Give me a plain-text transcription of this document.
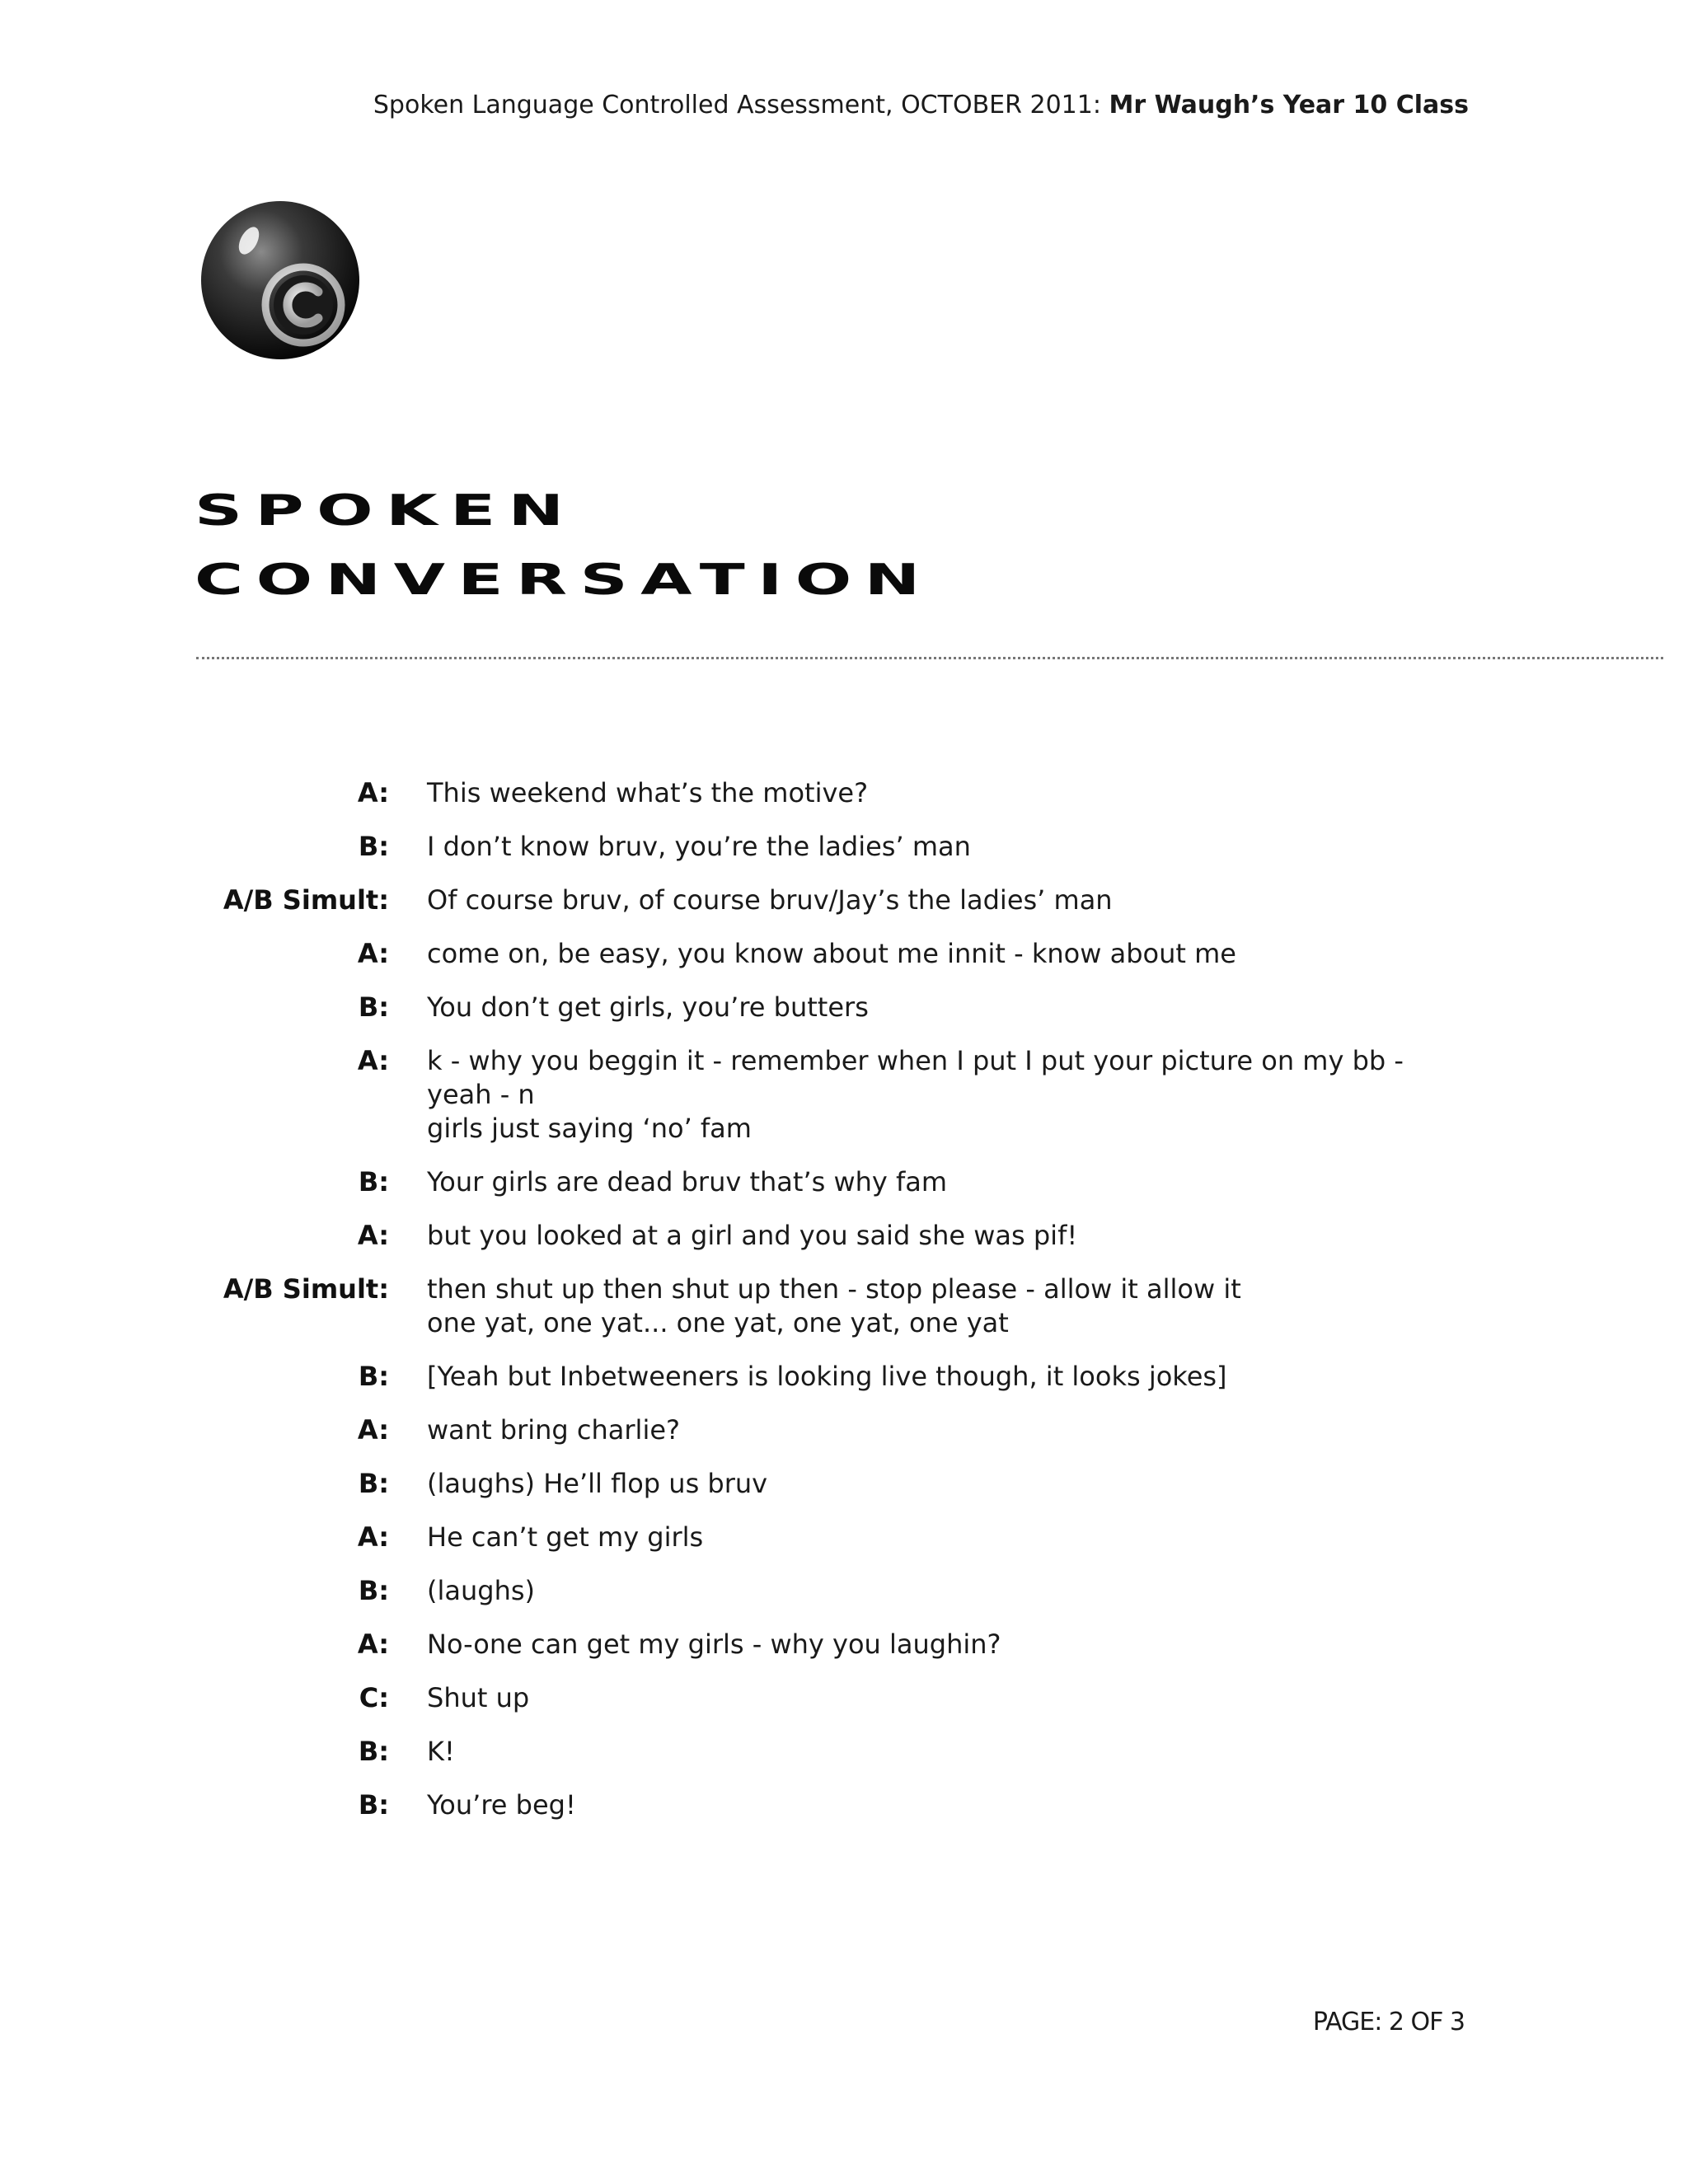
Spoken Language Controlled Assessment, OCTOBER 2011: Mr Waugh’s Year 10 Class
spoken
conversation
A: This weekend what’s the motive?
B: I don’t know bruv, you’re the ladies’ man
A/B Simult: Of course bruv, of course bruv/Jay’s the ladies’ man
A: come on, be easy, you know about me innit - know about me
B: You don’t get girls, you’re butters
A: k - why you beggin it - remember when I put I put your picture on my bb - yeah - n
girls just saying ‘no’ fam
B: Your girls are dead bruv that’s why fam
A: but you looked at a girl and you said she was pif!
A/B Simult: then shut up then shut up then - stop please - allow it allow it
one yat, one yat... one yat, one yat, one yat
B: [Yeah but Inbetweeners is looking live though, it looks jokes]
A: want bring charlie?
B: (laughs) He’ll flop us bruv
A: He can’t get my girls
B: (laughs)
A: No-one can get my girls - why you laughin?
C: Shut up
B: K!
B: You’re beg!
PAGE: 2 OF 3
